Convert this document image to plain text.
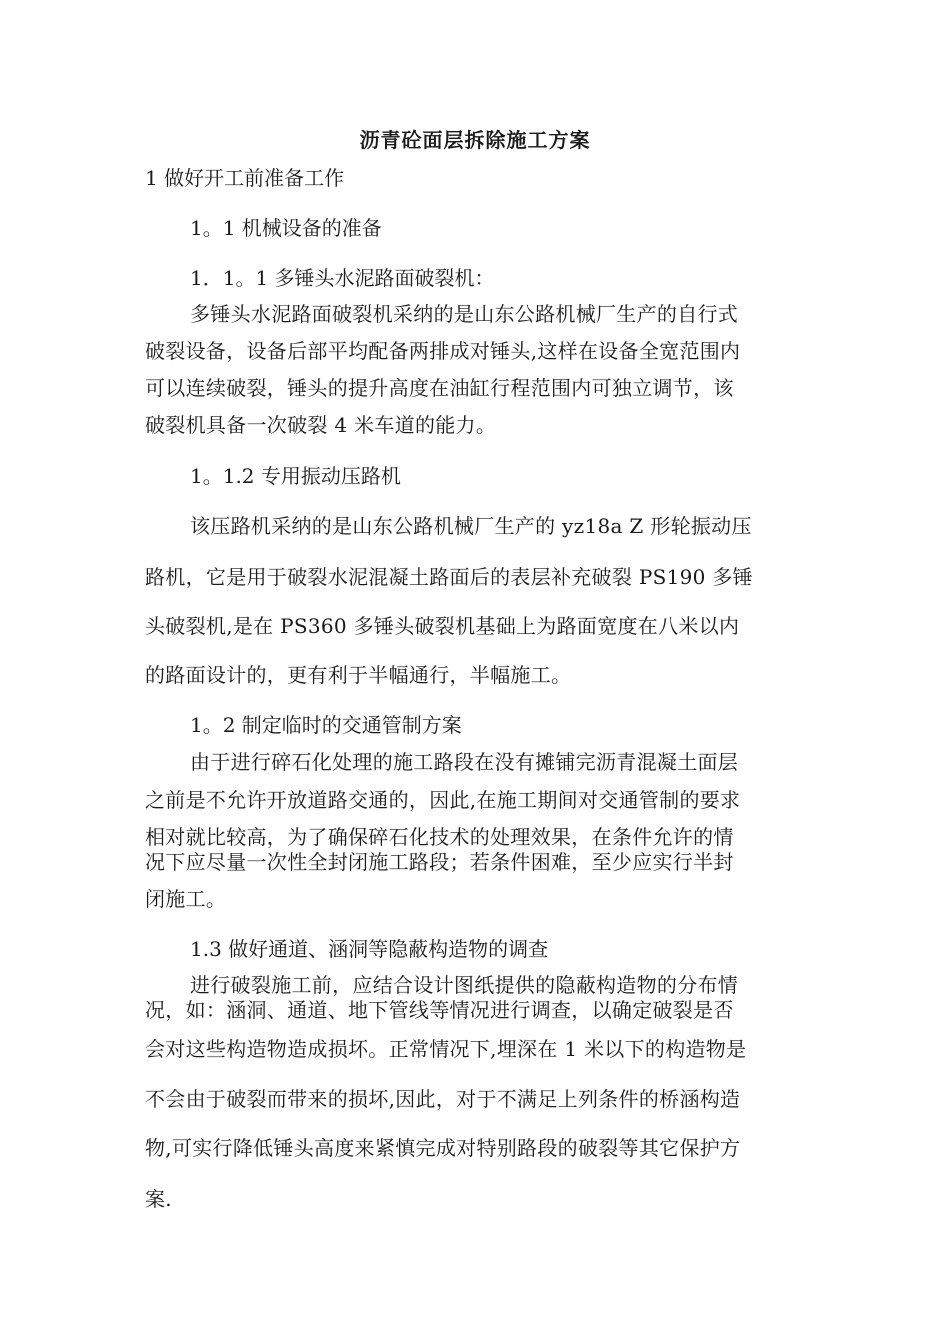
沥青砼面层拆除施工方案
1 做好开工前准备工作
1。1 机械设备的准备
1．1。1 多锤头水泥路面破裂机：
多锤头水泥路面破裂机采纳的是山东公路机械厂生产的自行式
破裂设备，设备后部平均配备两排成对锤头,这样在设备全宽范围内
可以连续破裂，锤头的提升高度在油缸行程范围内可独立调节，该
破裂机具备一次破裂 4 米车道的能力。
1。1.2 专用振动压路机
该压路机采纳的是山东公路机械厂生产的 yz18a Z 形轮振动压
路机，它是用于破裂水泥混凝土路面后的表层补充破裂 PS190 多锤
头破裂机,是在 PS360 多锤头破裂机基础上为路面宽度在八米以内
的路面设计的，更有利于半幅通行，半幅施工。
1。2 制定临时的交通管制方案
由于进行碎石化处理的施工路段在没有摊铺完沥青混凝土面层
之前是不允许开放道路交通的，因此,在施工期间对交通管制的要求
相对就比较高，为了确保碎石化技术的处理效果，在条件允许的情
况下应尽量一次性全封闭施工路段；若条件困难，至少应实行半封
闭施工。
1.3 做好通道、涵洞等隐蔽构造物的调查
进行破裂施工前，应结合设计图纸提供的隐蔽构造物的分布情
况，如：涵洞、通道、地下管线等情况进行调查，以确定破裂是否
会对这些构造物造成损坏。正常情况下,埋深在 1 米以下的构造物是
不会由于破裂而带来的损坏,因此，对于不满足上列条件的桥涵构造
物,可实行降低锤头高度来紧慎完成对特别路段的破裂等其它保护方
案.
